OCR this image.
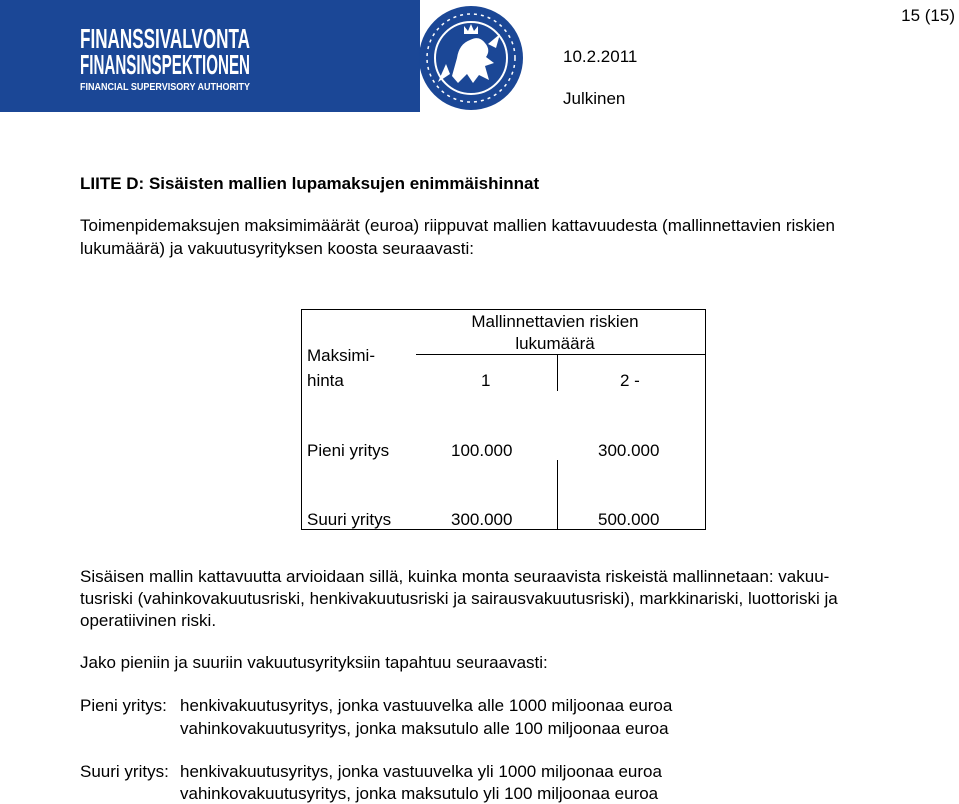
FINANSSIVALVONTA
FINANSINSPEKTIONEN
FINANCIAL SUPERVISORY AUTHORITY
10.2.2011
Julkinen
15 (15)
LIITE D: Sisäisten mallien lupamaksujen enimmäishinnat
Toimenpidemaksujen maksimimäärät (euroa) riippuvat mallien kattavuudesta (mallinnettavien riskien
lukumäärä) ja vakuutusyrityksen koosta seuraavasti:
Mallinnettavien riskien
lukumäärä
Maksimi-
hinta	1	2 -
Pieni yritys	100.000	300.000
Suuri yritys	300.000	500.000
Sisäisen mallin kattavuutta arvioidaan sillä, kuinka monta seuraavista riskeistä mallinnetaan: vakuu-
tusriski (vahinkovakuutusriski, henkivakuutusriski ja sairausvakuutusriski), markkinariski, luottoriski ja
operatiivinen riski.
Jako pieniin ja suuriin vakuutusyrityksiin tapahtuu seuraavasti:
Pieni yritys: henkivakuutusyritys, jonka vastuuvelka alle 1000 miljoonaa euroa
vahinkovakuutusyritys, jonka maksutulo alle 100 miljoonaa euroa
Suuri yritys: henkivakuutusyritys, jonka vastuuvelka yli 1000 miljoonaa euroa
vahinkovakuutusyritys, jonka maksutulo yli 100 miljoonaa euroa
